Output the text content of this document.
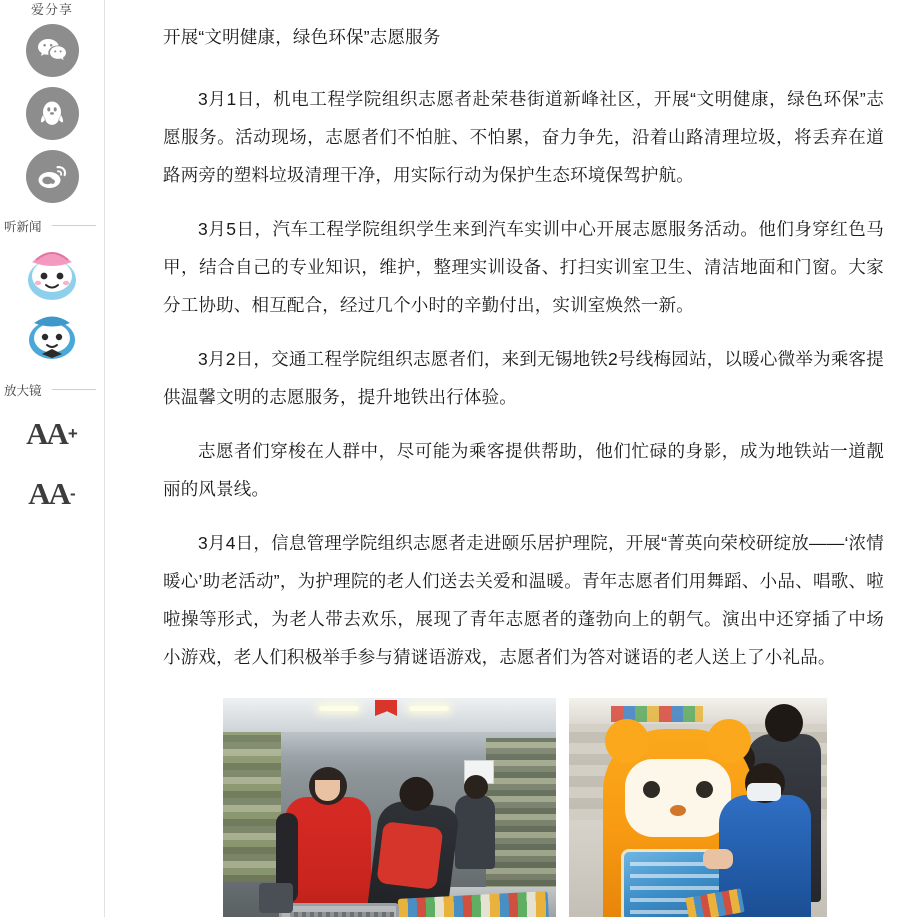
爱分享
听新闻
放大镜
AA +
AA -

开展“文明健康，绿色环保”志愿服务

3月1日，机电工程学院组织志愿者赴荣巷街道新峰社区，开展“文明健康，绿色环保”志愿服务。活动现场，志愿者们不怕脏、不怕累，奋力争先，沿着山路清理垃圾，将丢弃在道路两旁的塑料垃圾清理干净，用实际行动为保护生态环境保驾护航。

3月5日，汽车工程学院组织学生来到汽车实训中心开展志愿服务活动。他们身穿红色马甲，结合自己的专业知识，维护，整理实训设备、打扫实训室卫生、清洁地面和门窗。大家分工协助、相互配合，经过几个小时的辛勤付出，实训室焕然一新。

3月2日，交通工程学院组织志愿者们，来到无锡地铁2号线梅园站，以暖心微举为乘客提供温馨文明的志愿服务，提升地铁出行体验。

志愿者们穿梭在人群中，尽可能为乘客提供帮助，他们忙碌的身影，成为地铁站一道靓丽的风景线。

3月4日，信息管理学院组织志愿者走进颐乐居护理院，开展“菁英向荣校研绽放——‘浓情暖心’助老活动”，为护理院的老人们送去关爱和温暖。青年志愿者们用舞蹈、小品、唱歌、啦啦操等形式，为老人带去欢乐，展现了青年志愿者的蓬勃向上的朝气。演出中还穿插了中场小游戏，老人们积极举手参与猜谜语游戏，志愿者们为答对谜语的老人送上了小礼品。
